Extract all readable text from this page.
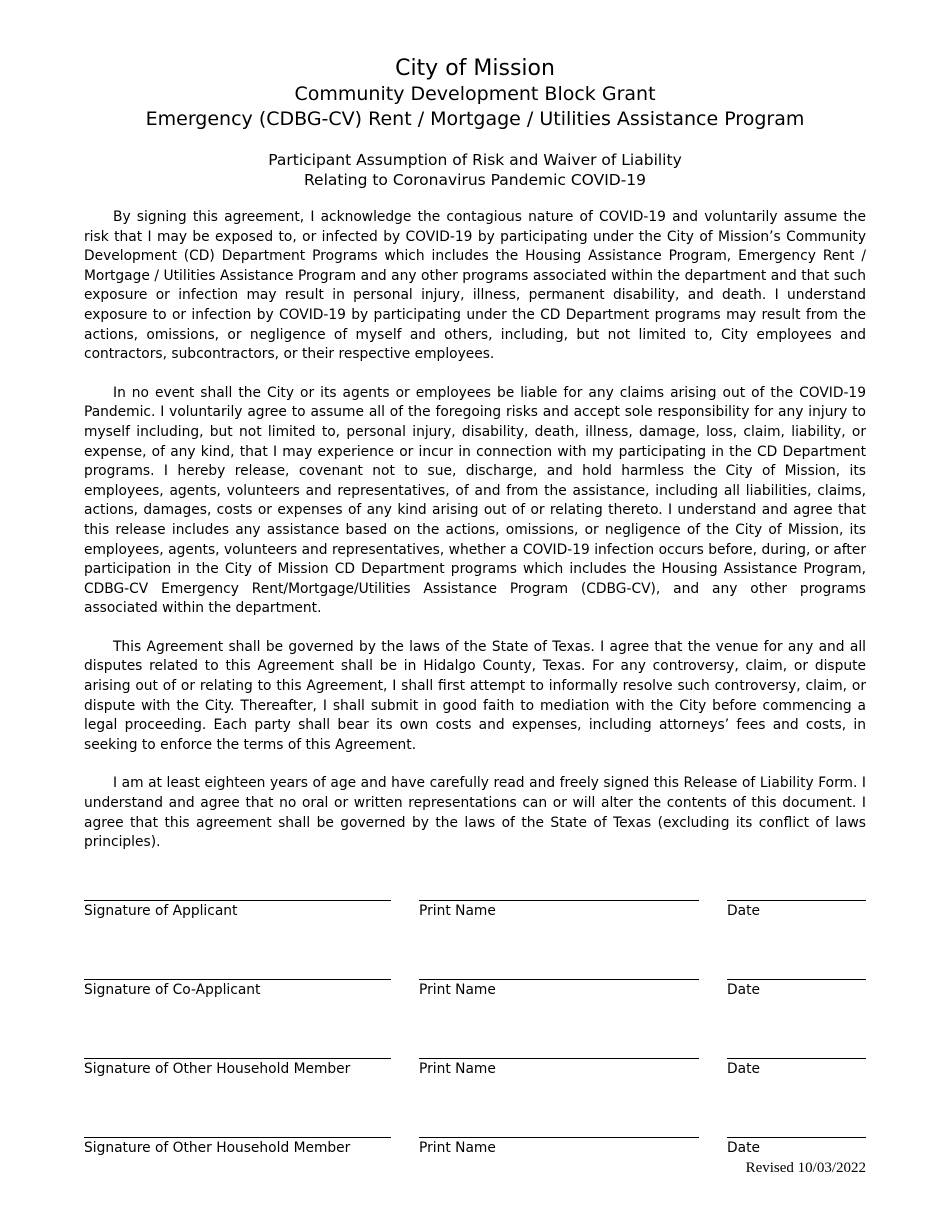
City of Mission
Community Development Block Grant
Emergency (CDBG-CV) Rent / Mortgage / Utilities Assistance Program
Participant Assumption of Risk and Waiver of Liability
Relating to Coronavirus Pandemic COVID-19

By signing this agreement, I acknowledge the contagious nature of COVID-19 and voluntarily assume the risk that I may be exposed to, or infected by COVID-19 by participating under the City of Mission’s Community Development (CD) Department Programs which includes the Housing Assistance Program, Emergency Rent / Mortgage / Utilities Assistance Program and any other programs associated within the department and that such exposure or infection may result in personal injury, illness, permanent disability, and death. I understand exposure to or infection by COVID-19 by participating under the CD Department programs may result from the actions, omissions, or negligence of myself and others, including, but not limited to, City employees and contractors, subcontractors, or their respective employees.

In no event shall the City or its agents or employees be liable for any claims arising out of the COVID-19 Pandemic. I voluntarily agree to assume all of the foregoing risks and accept sole responsibility for any injury to myself including, but not limited to, personal injury, disability, death, illness, damage, loss, claim, liability, or expense, of any kind, that I may experience or incur in connection with my participating in the CD Department programs. I hereby release, covenant not to sue, discharge, and hold harmless the City of Mission, its employees, agents, volunteers and representatives, of and from the assistance, including all liabilities, claims, actions, damages, costs or expenses of any kind arising out of or relating thereto. I understand and agree that this release includes any assistance based on the actions, omissions, or negligence of the City of Mission, its employees, agents, volunteers and representatives, whether a COVID-19 infection occurs before, during, or after participation in the City of Mission CD Department programs which includes the Housing Assistance Program, CDBG-CV Emergency Rent/Mortgage/Utilities Assistance Program (CDBG-CV), and any other programs associated within the department.

This Agreement shall be governed by the laws of the State of Texas. I agree that the venue for any and all disputes related to this Agreement shall be in Hidalgo County, Texas. For any controversy, claim, or dispute arising out of or relating to this Agreement, I shall first attempt to informally resolve such controversy, claim, or dispute with the City. Thereafter, I shall submit in good faith to mediation with the City before commencing a legal proceeding. Each party shall bear its own costs and expenses, including attorneys’ fees and costs, in seeking to enforce the terms of this Agreement.

I am at least eighteen years of age and have carefully read and freely signed this Release of Liability Form. I understand and agree that no oral or written representations can or will alter the contents of this document. I agree that this agreement shall be governed by the laws of the State of Texas (excluding its conflict of laws principles).

Signature of Applicant	Print Name	Date
Signature of Co-Applicant	Print Name	Date
Signature of Other Household Member	Print Name	Date
Signature of Other Household Member	Print Name	Date
Revised 10/03/2022
